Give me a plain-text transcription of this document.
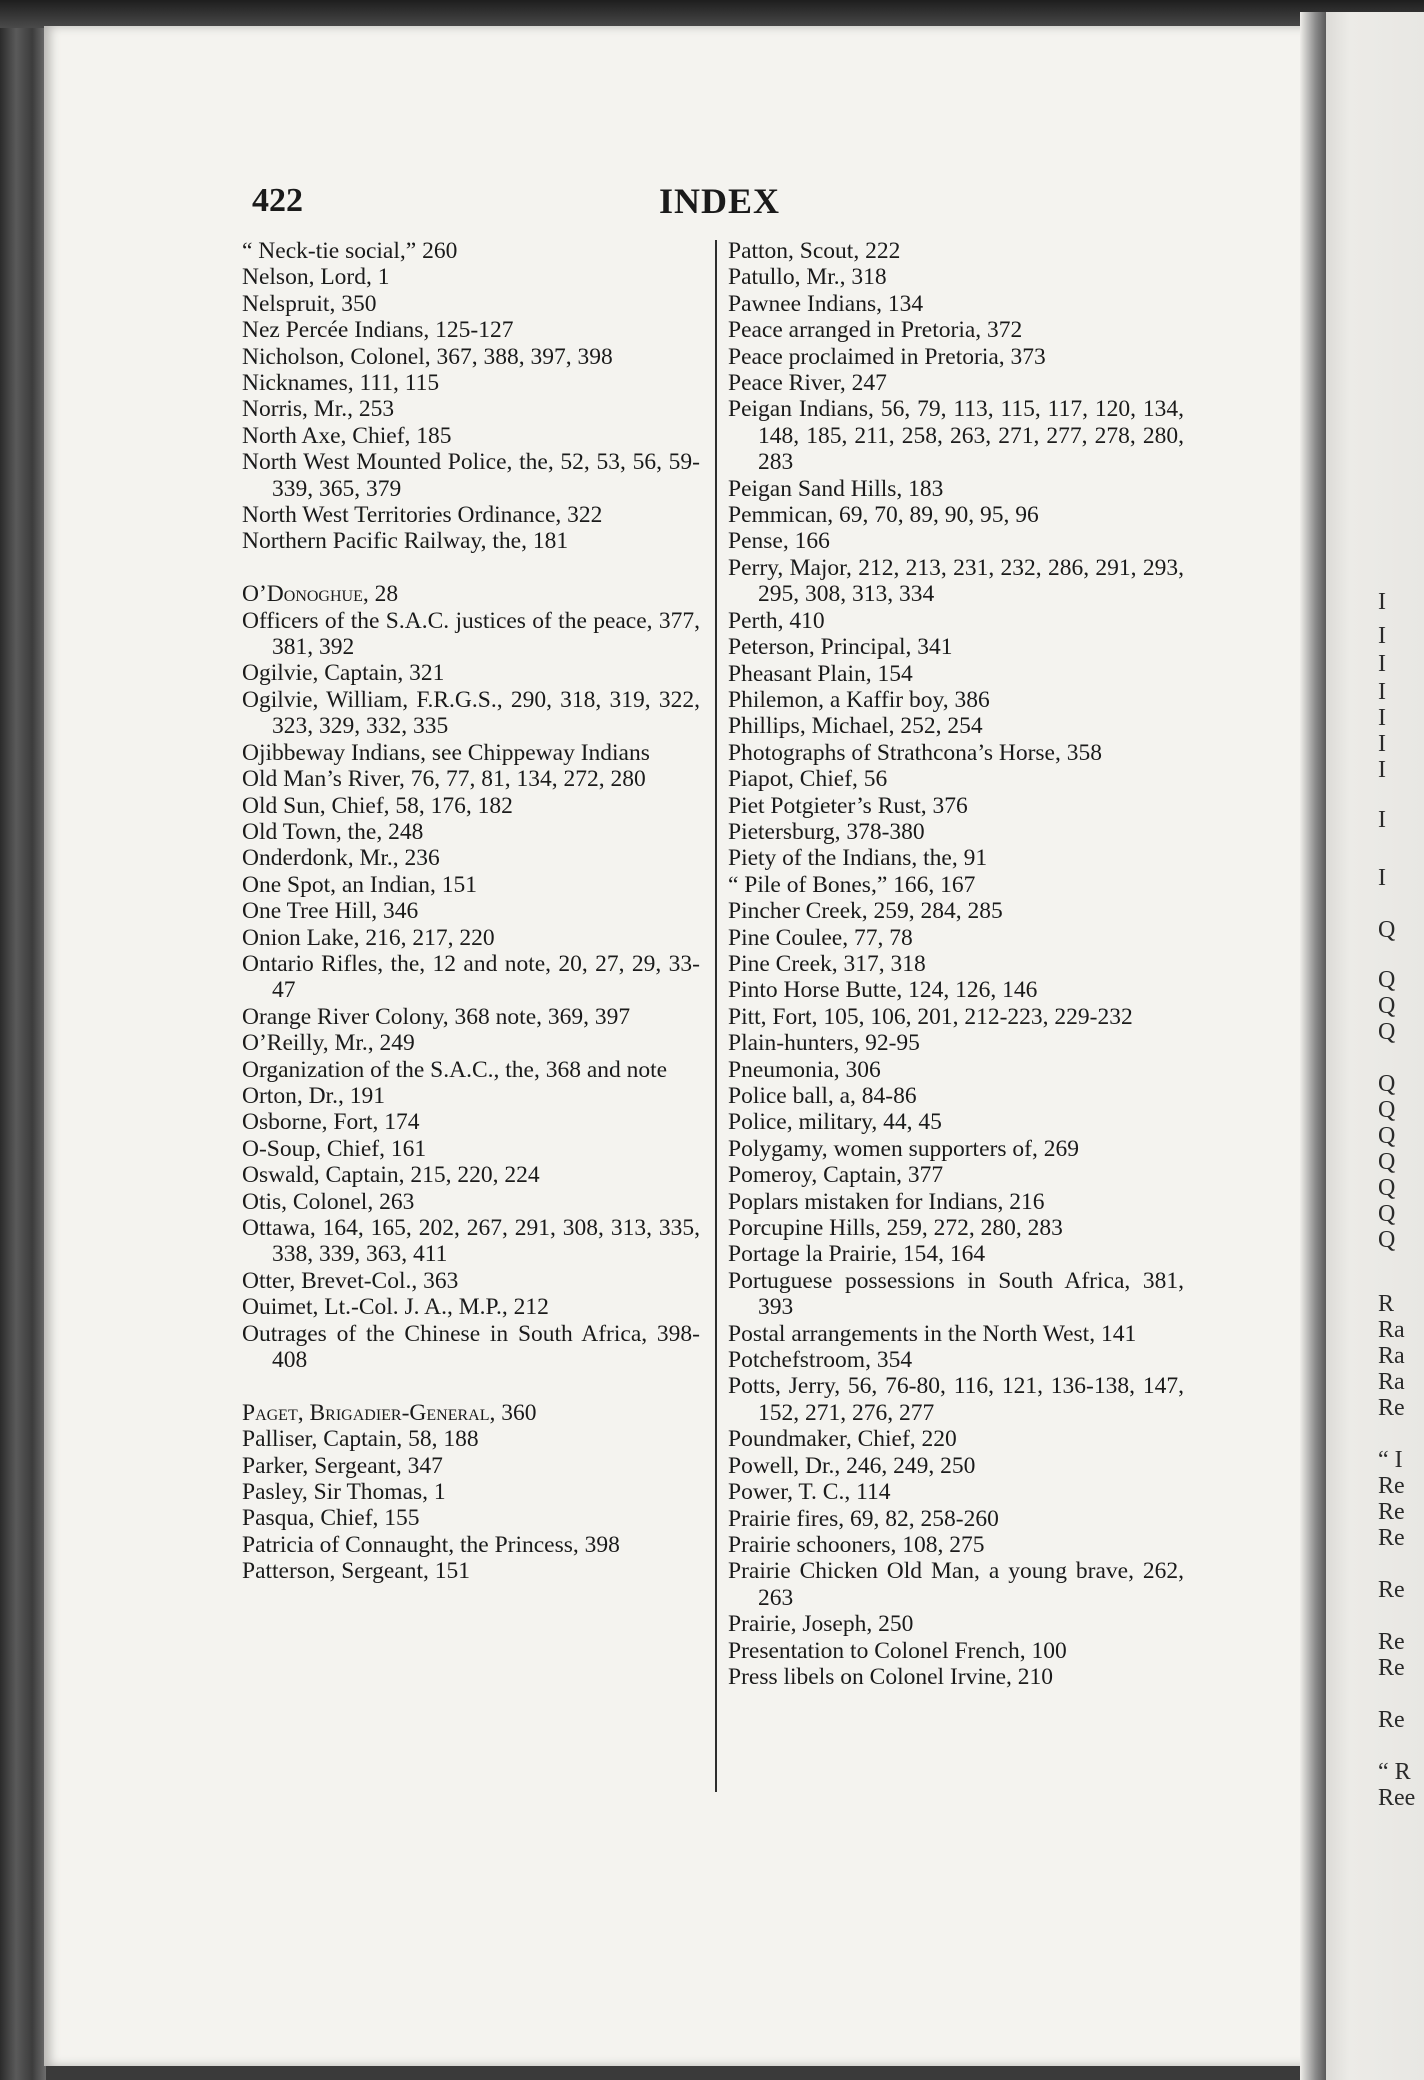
I
I
I
I
I
I
I
I
I
Q
Q
Q
Q
Q
Q
Q
Q
Q
Q
Q
R
Ra
Ra
Ra
Re
“ I
Re
Re
Re
Re
Re
Re
Re
“ R
Ree
422	INDEX
“ Neck-tie social,” 260
Nelson, Lord, 1
Nelspruit, 350
Nez Percée Indians, 125-127
Nicholson, Colonel, 367, 388, 397, 398
Nicknames, 111, 115
Norris, Mr., 253
North Axe, Chief, 185
North West Mounted Police, the, 52, 53, 56, 59-339, 365, 379
North West Territories Ordinance, 322
Northern Pacific Railway, the, 181
O’Donoghue, 28
Officers of the S.A.C. justices of the peace, 377, 381, 392
Ogilvie, Captain, 321
Ogilvie, William, F.R.G.S., 290, 318, 319, 322, 323, 329, 332, 335
Ojibbeway Indians, see Chippeway Indians
Old Man’s River, 76, 77, 81, 134, 272, 280
Old Sun, Chief, 58, 176, 182
Old Town, the, 248
Onderdonk, Mr., 236
One Spot, an Indian, 151
One Tree Hill, 346
Onion Lake, 216, 217, 220
Ontario Rifles, the, 12 and note, 20, 27, 29, 33-47
Orange River Colony, 368 note, 369, 397
O’Reilly, Mr., 249
Organization of the S.A.C., the, 368 and note
Orton, Dr., 191
Osborne, Fort, 174
O-Soup, Chief, 161
Oswald, Captain, 215, 220, 224
Otis, Colonel, 263
Ottawa, 164, 165, 202, 267, 291, 308, 313, 335, 338, 339, 363, 411
Otter, Brevet-Col., 363
Ouimet, Lt.-Col. J. A., M.P., 212
Outrages of the Chinese in South Africa, 398-408
Paget, Brigadier-General, 360
Palliser, Captain, 58, 188
Parker, Sergeant, 347
Pasley, Sir Thomas, 1
Pasqua, Chief, 155
Patricia of Connaught, the Princess, 398
Patterson, Sergeant, 151
Patton, Scout, 222
Patullo, Mr., 318
Pawnee Indians, 134
Peace arranged in Pretoria, 372
Peace proclaimed in Pretoria, 373
Peace River, 247
Peigan Indians, 56, 79, 113, 115, 117, 120, 134, 148, 185, 211, 258, 263, 271, 277, 278, 280, 283
Peigan Sand Hills, 183
Pemmican, 69, 70, 89, 90, 95, 96
Pense, 166
Perry, Major, 212, 213, 231, 232, 286, 291, 293, 295, 308, 313, 334
Perth, 410
Peterson, Principal, 341
Pheasant Plain, 154
Philemon, a Kaffir boy, 386
Phillips, Michael, 252, 254
Photographs of Strathcona’s Horse, 358
Piapot, Chief, 56
Piet Potgieter’s Rust, 376
Pietersburg, 378-380
Piety of the Indians, the, 91
“ Pile of Bones,” 166, 167
Pincher Creek, 259, 284, 285
Pine Coulee, 77, 78
Pine Creek, 317, 318
Pinto Horse Butte, 124, 126, 146
Pitt, Fort, 105, 106, 201, 212-223, 229-232
Plain-hunters, 92-95
Pneumonia, 306
Police ball, a, 84-86
Police, military, 44, 45
Polygamy, women supporters of, 269
Pomeroy, Captain, 377
Poplars mistaken for Indians, 216
Porcupine Hills, 259, 272, 280, 283
Portage la Prairie, 154, 164
Portuguese possessions in South Africa, 381, 393
Postal arrangements in the North West, 141
Potchefstroom, 354
Potts, Jerry, 56, 76-80, 116, 121, 136-138, 147, 152, 271, 276, 277
Poundmaker, Chief, 220
Powell, Dr., 246, 249, 250
Power, T. C., 114
Prairie fires, 69, 82, 258-260
Prairie schooners, 108, 275
Prairie Chicken Old Man, a young brave, 262, 263
Prairie, Joseph, 250
Presentation to Colonel French, 100
Press libels on Colonel Irvine, 210
